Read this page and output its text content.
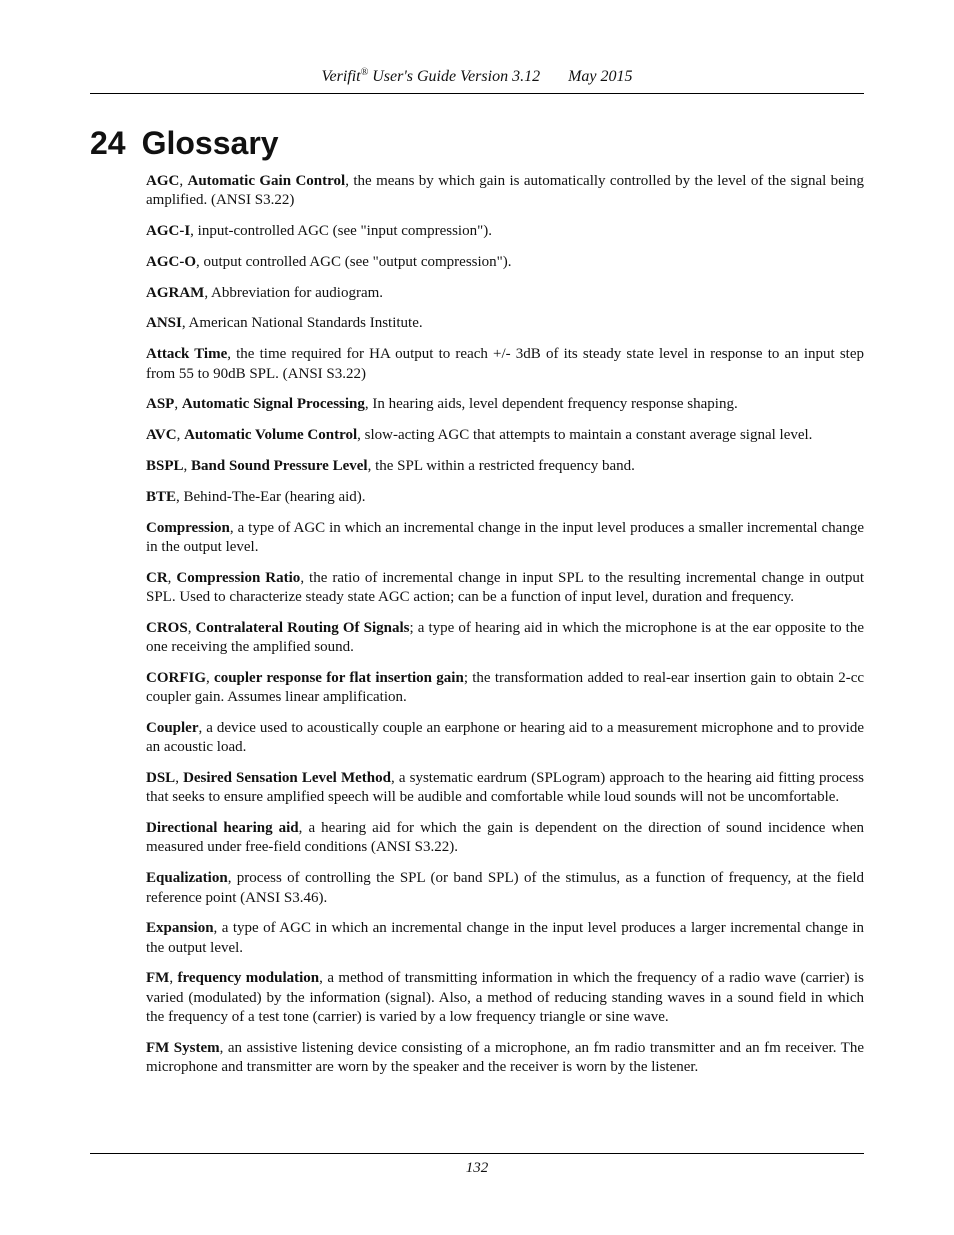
Verifit® User's Guide Version 3.12 May 2015
24 Glossary

AGC, Automatic Gain Control, the means by which gain is automatically controlled by the level of the signal being amplified. (ANSI S3.22)

AGC-I, input-controlled AGC (see "input compression").

AGC-O, output controlled AGC (see "output compression").

AGRAM, Abbreviation for audiogram.

ANSI, American National Standards Institute.

Attack Time, the time required for HA output to reach +/- 3dB of its steady state level in response to an input step from 55 to 90dB SPL. (ANSI S3.22)

ASP, Automatic Signal Processing, In hearing aids, level dependent frequency response shaping.

AVC, Automatic Volume Control, slow-acting AGC that attempts to maintain a constant average signal level.

BSPL, Band Sound Pressure Level, the SPL within a restricted frequency band.

BTE, Behind-The-Ear (hearing aid).

Compression, a type of AGC in which an incremental change in the input level produces a smaller incremental change in the output level.

CR, Compression Ratio, the ratio of incremental change in input SPL to the resulting incremental change in output SPL. Used to characterize steady state AGC action; can be a function of input level, duration and frequency.

CROS, Contralateral Routing Of Signals; a type of hearing aid in which the microphone is at the ear opposite to the one receiving the amplified sound.

CORFIG, coupler response for flat insertion gain; the transformation added to real-ear insertion gain to obtain 2-cc coupler gain. Assumes linear amplification.

Coupler, a device used to acoustically couple an earphone or hearing aid to a measurement microphone and to provide an acoustic load.

DSL, Desired Sensation Level Method, a systematic eardrum (SPLogram) approach to the hearing aid fitting process that seeks to ensure amplified speech will be audible and comfortable while loud sounds will not be uncomfortable.

Directional hearing aid, a hearing aid for which the gain is dependent on the direction of sound incidence when measured under free-field conditions (ANSI S3.22).

Equalization, process of controlling the SPL (or band SPL) of the stimulus, as a function of frequency, at the field reference point (ANSI S3.46).

Expansion, a type of AGC in which an incremental change in the input level produces a larger incremental change in the output level.

FM, frequency modulation, a method of transmitting information in which the frequency of a radio wave (carrier) is varied (modulated) by the information (signal). Also, a method of reducing standing waves in a sound field in which the frequency of a test tone (carrier) is varied by a low frequency triangle or sine wave.

FM System, an assistive listening device consisting of a microphone, an fm radio transmitter and an fm receiver. The microphone and transmitter are worn by the speaker and the receiver is worn by the listener.

132
